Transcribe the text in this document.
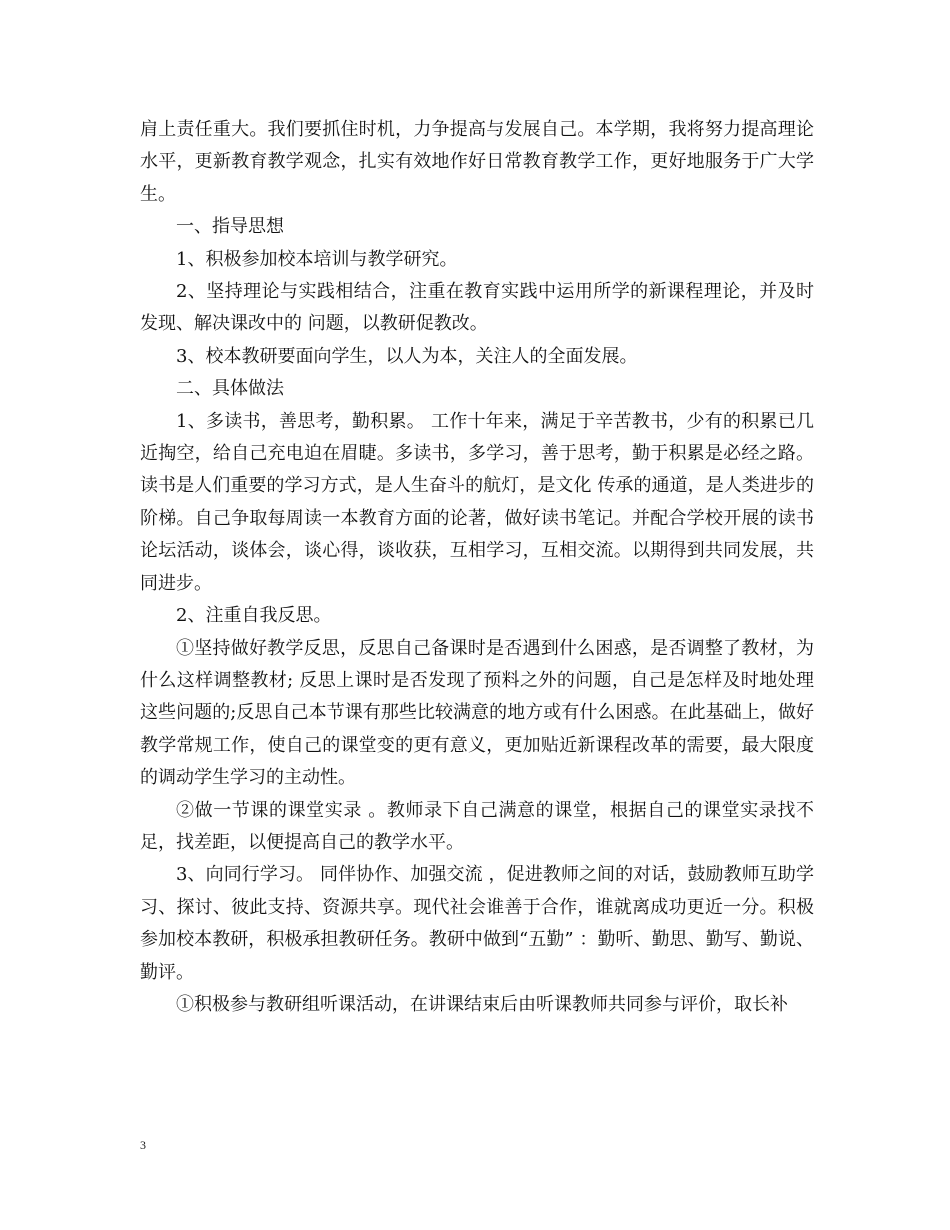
肩上责任重大。我们要抓住时机，力争提高与发展自己。本学期，我将努力提高理论水平，更新教育教学观念，扎实有效地作好日常教育教学工作，更好地服务于广大学生。

一、指导思想

1、积极参加校本培训与教学研究。

2、坚持理论与实践相结合，注重在教育实践中运用所学的新课程理论，并及时发现、解决课改中的 问题，以教研促教改。

3、校本教研要面向学生，以人为本，关注人的全面发展。

二、具体做法

1、多读书，善思考，勤积累。 工作十年来，满足于辛苦教书，少有的积累已几近掏空，给自己充电迫在眉睫。多读书，多学习，善于思考，勤于积累是必经之路。读书是人们重要的学习方式，是人生奋斗的航灯，是文化 传承的通道，是人类进步的阶梯。自己争取每周读一本教育方面的论著，做好读书笔记。并配合学校开展的读书论坛活动，谈体会，谈心得，谈收获，互相学习，互相交流。以期得到共同发展，共同进步。

2、注重自我反思。

①坚持做好教学反思，反思自己备课时是否遇到什么困惑，是否调整了教材，为什么这样调整教材; 反思上课时是否发现了预料之外的问题，自己是怎样及时地处理这些问题的;反思自己本节课有那些比较满意的地方或有什么困惑。在此基础上，做好教学常规工作，使自己的课堂变的更有意义，更加贴近新课程改革的需要，最大限度的调动学生学习的主动性。

②做一节课的课堂实录 。教师录下自己满意的课堂，根据自己的课堂实录找不足，找差距，以便提高自己的教学水平。

3、向同行学习。 同伴协作、加强交流 ，促进教师之间的对话，鼓励教师互助学习、探讨、彼此支持、资源共享。现代社会谁善于合作，谁就离成功更近一分。积极参加校本教研，积极承担教研任务。教研中做到“五勤” ：勤听、勤思、勤写、勤说、勤评。

①积极参与教研组听课活动，在讲课结束后由听课教师共同参与评价，取长补

3
